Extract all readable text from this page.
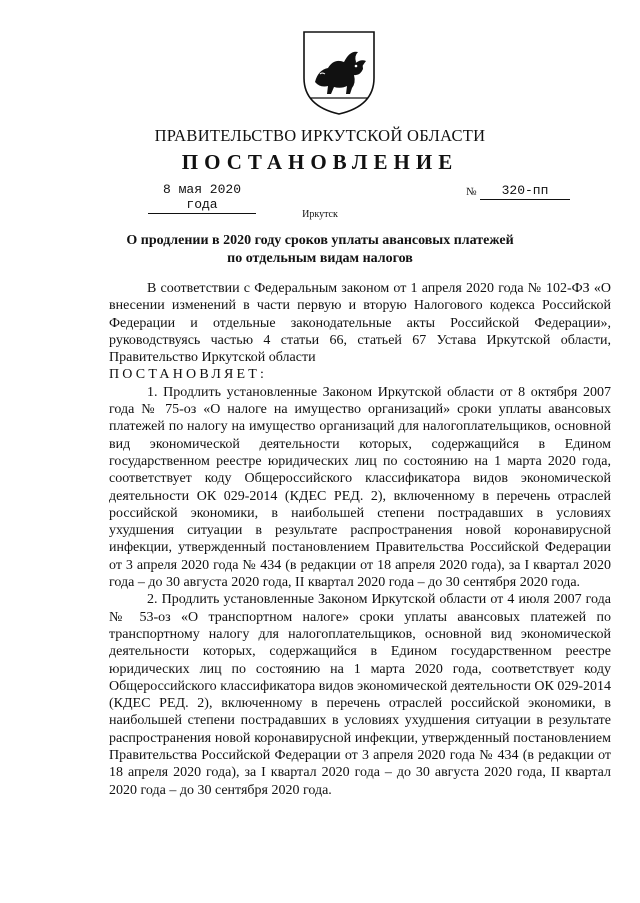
ПРАВИТЕЛЬСТВО ИРКУТСКОЙ ОБЛАСТИ
ПОСТАНОВЛЕНИЕ
8 мая 2020 года
№	320-пп
Иркутск
О продлении в 2020 году сроков уплаты авансовых платежей
по отдельным видам налогов

В соответствии с Федеральным законом от 1 апреля 2020 года № 102-ФЗ «О внесении изменений в части первую и вторую Налогового кодекса Российской Федерации и отдельные законодательные акты Российской Федерации», руководствуясь частью 4 статьи 66, статьей 67 Устава Иркутской области, Правительство Иркутской области

ПОСТАНОВЛЯЕТ:

1. Продлить установленные Законом Иркутской области от 8 октября 2007 года № 75-оз «О налоге на имущество организаций» сроки уплаты авансовых платежей по налогу на имущество организаций для налогоплательщиков, основной вид экономической деятельности которых, содержащийся в Едином государственном реестре юридических лиц по состоянию на 1 марта 2020 года, соответствует коду Общероссийского классификатора видов экономической деятельности ОК 029-2014 (КДЕС РЕД. 2), включенному в перечень отраслей российской экономики, в наибольшей степени пострадавших в условиях ухудшения ситуации в результате распространения новой коронавирусной инфекции, утвержденный постановлением Правительства Российской Федерации от 3 апреля 2020 года № 434 (в редакции от 18 апреля 2020 года), за I квартал 2020 года – до 30 августа 2020 года, II квартал 2020 года – до 30 сентября 2020 года.

2. Продлить установленные Законом Иркутской области от 4 июля 2007 года № 53-оз «О транспортном налоге» сроки уплаты авансовых платежей по транспортному налогу для налогоплательщиков, основной вид экономической деятельности которых, содержащийся в Едином государственном реестре юридических лиц по состоянию на 1 марта 2020 года, соответствует коду Общероссийского классификатора видов экономической деятельности ОК 029-2014 (КДЕС РЕД. 2), включенному в перечень отраслей российской экономики, в наибольшей степени пострадавших в условиях ухудшения ситуации в результате распространения новой коронавирусной инфекции, утвержденный постановлением Правительства Российской Федерации от 3 апреля 2020 года № 434 (в редакции от 18 апреля 2020 года), за I квартал 2020 года – до 30 августа 2020 года, II квартал 2020 года – до 30 сентября 2020 года.
